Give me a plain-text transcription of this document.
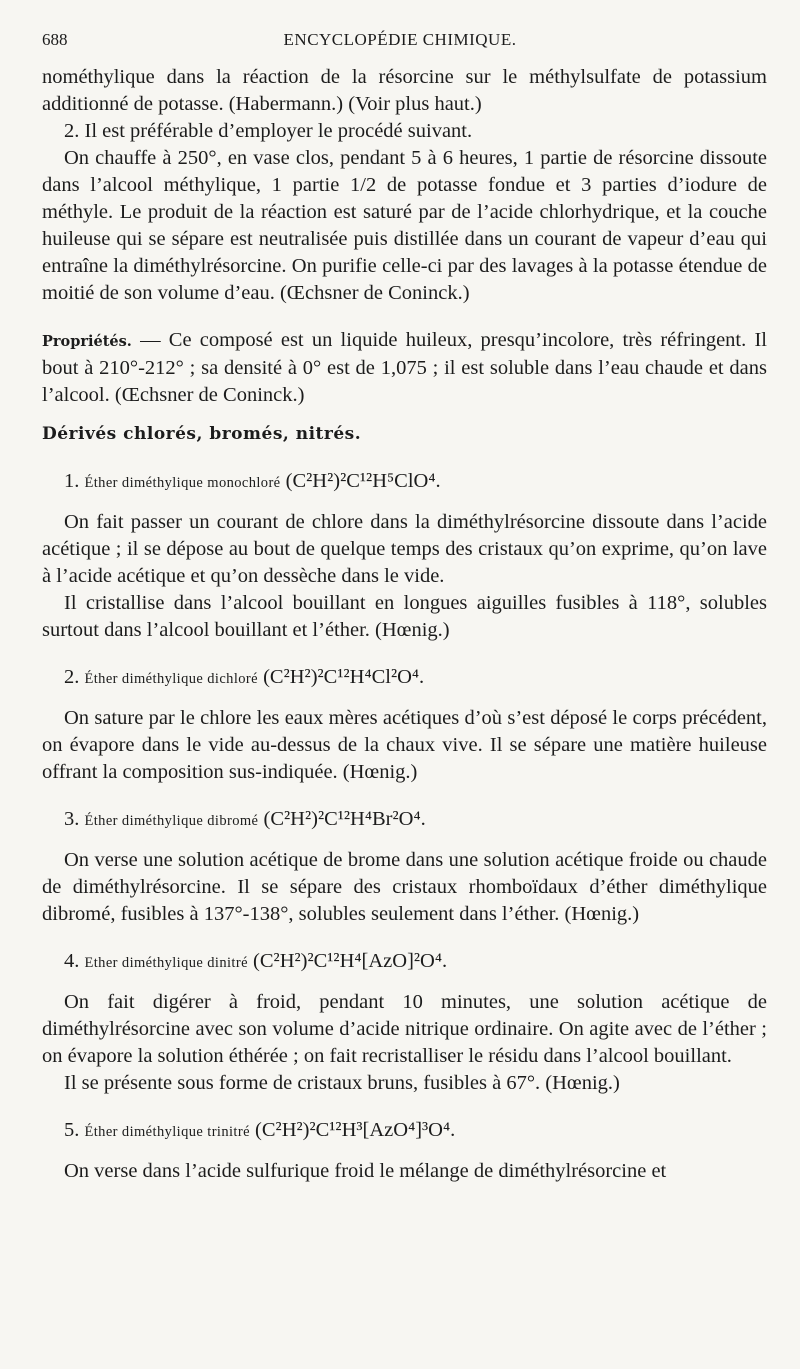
688	ENCYCLOPÉDIE CHIMIQUE.

nométhylique dans la réaction de la résorcine sur le méthylsulfate de potassium additionné de potasse. (Habermann.) (Voir plus haut.)

2. Il est préférable d’employer le procédé suivant.

On chauffe à 250°, en vase clos, pendant 5 à 6 heures, 1 partie de résorcine dissoute dans l’alcool méthylique, 1 partie 1/2 de potasse fondue et 3 parties d’iodure de méthyle. Le produit de la réaction est saturé par de l’acide chlorhydrique, et la couche huileuse qui se sépare est neutralisée puis distillée dans un courant de vapeur d’eau qui entraîne la diméthylrésorcine. On purifie celle-ci par des lavages à la potasse étendue de moitié de son volume d’eau. (Œchsner de Coninck.)

Propriétés. — Ce composé est un liquide huileux, presqu’incolore, très réfringent. Il bout à 210°-212° ; sa densité à 0° est de 1,075 ; il est soluble dans l’eau chaude et dans l’alcool. (Œchsner de Coninck.)

Dérivés chlorés, bromés, nitrés.

1. Éther diméthylique monochloré (C²H²)²C¹²H⁵ClO⁴.

On fait passer un courant de chlore dans la diméthylrésorcine dissoute dans l’acide acétique ; il se dépose au bout de quelque temps des cristaux qu’on exprime, qu’on lave à l’acide acétique et qu’on dessèche dans le vide.

Il cristallise dans l’alcool bouillant en longues aiguilles fusibles à 118°, solubles surtout dans l’alcool bouillant et l’éther. (Hœnig.)

2. Éther diméthylique dichloré (C²H²)²C¹²H⁴Cl²O⁴.

On sature par le chlore les eaux mères acétiques d’où s’est déposé le corps précédent, on évapore dans le vide au-dessus de la chaux vive. Il se sépare une matière huileuse offrant la composition sus-indiquée. (Hœnig.)

3. Éther diméthylique dibromé (C²H²)²C¹²H⁴Br²O⁴.

On verse une solution acétique de brome dans une solution acétique froide ou chaude de diméthylrésorcine. Il se sépare des cristaux rhomboïdaux d’éther diméthylique dibromé, fusibles à 137°-138°, solubles seulement dans l’éther. (Hœnig.)

4. Ether diméthylique dinitré (C²H²)²C¹²H⁴[AzO]²O⁴.

On fait digérer à froid, pendant 10 minutes, une solution acétique de diméthylrésorcine avec son volume d’acide nitrique ordinaire. On agite avec de l’éther ; on évapore la solution éthérée ; on fait recristalliser le résidu dans l’alcool bouillant.

Il se présente sous forme de cristaux bruns, fusibles à 67°. (Hœnig.)

5. Éther diméthylique trinitré (C²H²)²C¹²H³[AzO⁴]³O⁴.

On verse dans l’acide sulfurique froid le mélange de diméthylrésorcine et
